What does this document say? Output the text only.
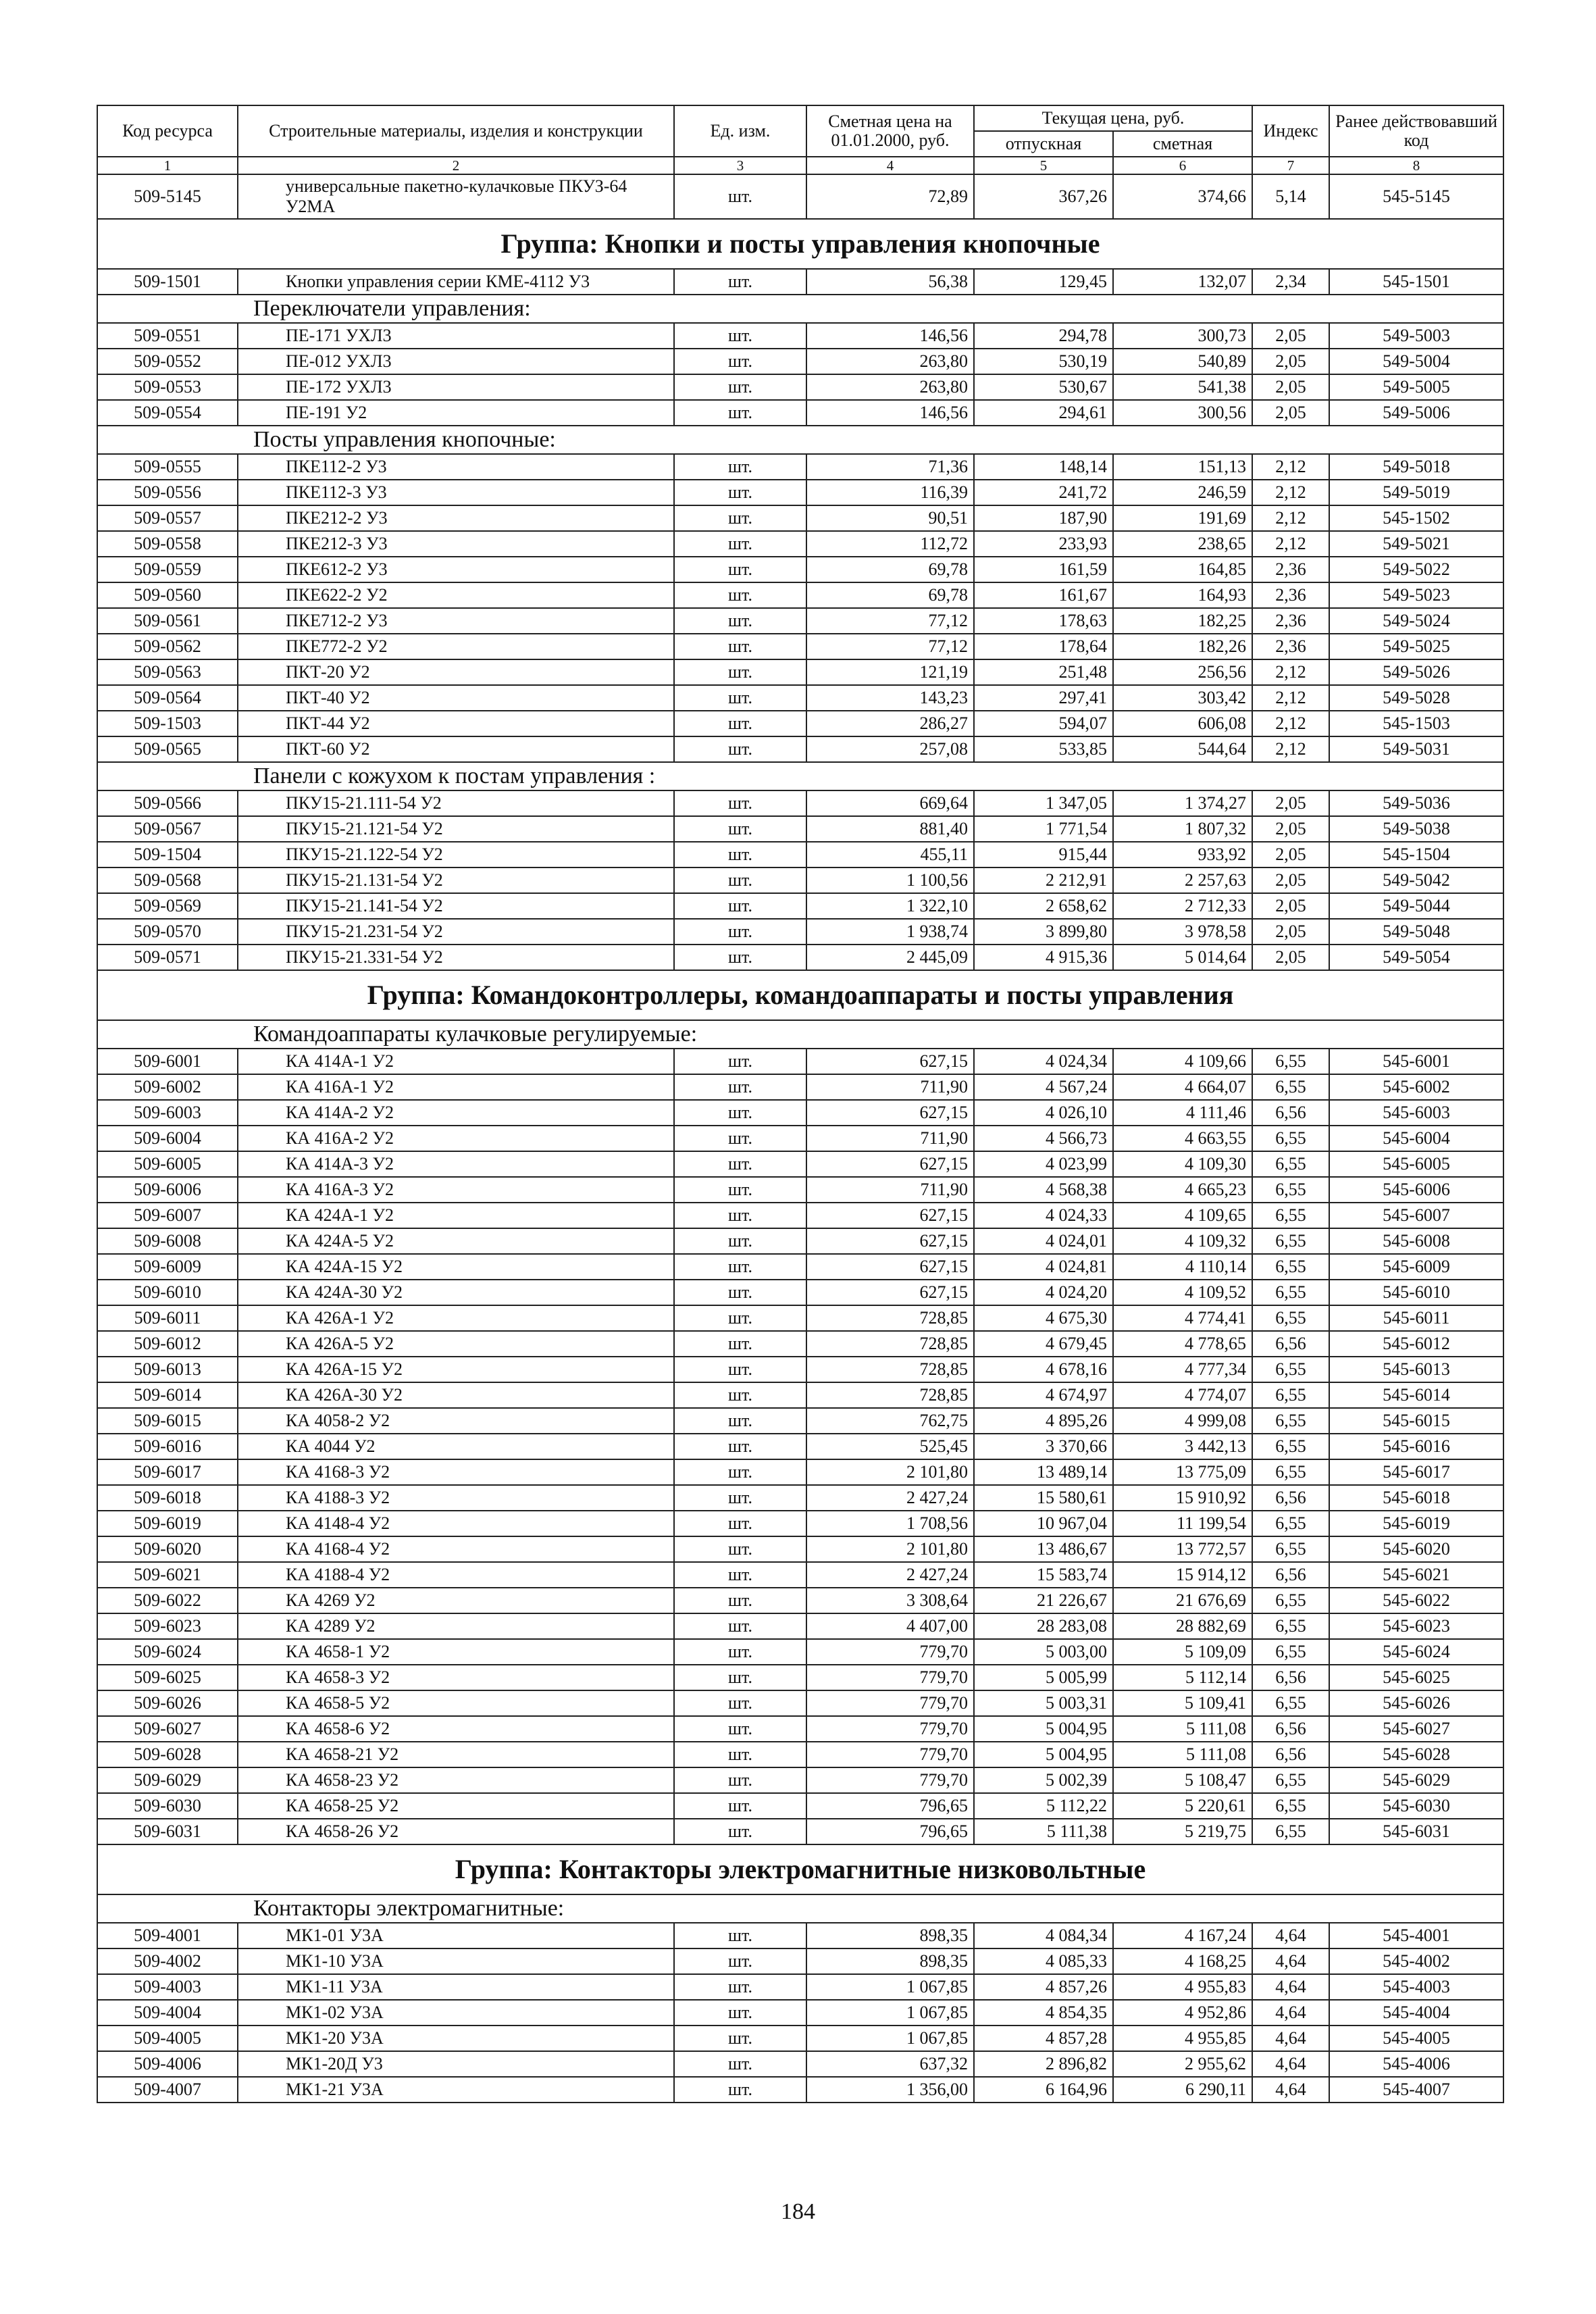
Код ресурса	Строительные материалы, изделия и конструкции	Ед. изм.	Сметная цена на 01.01.2000, руб.	Текущая цена, руб.		Индекс	Ранее действовавший код
				отпускная	сметная		
1	2	3	4	5	6	7	8
509-5145	универсальные пакетно-кулачковые ПКУЗ-64 У2МА	шт.	72,89	367,26	374,66	5,14	545-5145
Группа: Кнопки и посты управления кнопочные							
509-1501	Кнопки управления серии КМЕ-4112 У3	шт.	56,38	129,45	132,07	2,34	545-1501
Переключатели управления:							
509-0551	ПЕ-171 УХЛ3	шт.	146,56	294,78	300,73	2,05	549-5003
509-0552	ПЕ-012 УХЛ3	шт.	263,80	530,19	540,89	2,05	549-5004
509-0553	ПЕ-172 УХЛ3	шт.	263,80	530,67	541,38	2,05	549-5005
509-0554	ПЕ-191 У2	шт.	146,56	294,61	300,56	2,05	549-5006
Посты управления кнопочные:							
509-0555	ПКЕ112-2 У3	шт.	71,36	148,14	151,13	2,12	549-5018
509-0556	ПКЕ112-3 У3	шт.	116,39	241,72	246,59	2,12	549-5019
509-0557	ПКЕ212-2 У3	шт.	90,51	187,90	191,69	2,12	545-1502
509-0558	ПКЕ212-3 У3	шт.	112,72	233,93	238,65	2,12	549-5021
509-0559	ПКЕ612-2 У3	шт.	69,78	161,59	164,85	2,36	549-5022
509-0560	ПКЕ622-2 У2	шт.	69,78	161,67	164,93	2,36	549-5023
509-0561	ПКЕ712-2 У3	шт.	77,12	178,63	182,25	2,36	549-5024
509-0562	ПКЕ772-2 У2	шт.	77,12	178,64	182,26	2,36	549-5025
509-0563	ПКТ-20 У2	шт.	121,19	251,48	256,56	2,12	549-5026
509-0564	ПКТ-40 У2	шт.	143,23	297,41	303,42	2,12	549-5028
509-1503	ПКТ-44 У2	шт.	286,27	594,07	606,08	2,12	545-1503
509-0565	ПКТ-60 У2	шт.	257,08	533,85	544,64	2,12	549-5031
Панели с кожухом к постам управления :							
509-0566	ПКУ15-21.111-54 У2	шт.	669,64	1 347,05	1 374,27	2,05	549-5036
509-0567	ПКУ15-21.121-54 У2	шт.	881,40	1 771,54	1 807,32	2,05	549-5038
509-1504	ПКУ15-21.122-54 У2	шт.	455,11	915,44	933,92	2,05	545-1504
509-0568	ПКУ15-21.131-54 У2	шт.	1 100,56	2 212,91	2 257,63	2,05	549-5042
509-0569	ПКУ15-21.141-54 У2	шт.	1 322,10	2 658,62	2 712,33	2,05	549-5044
509-0570	ПКУ15-21.231-54 У2	шт.	1 938,74	3 899,80	3 978,58	2,05	549-5048
509-0571	ПКУ15-21.331-54 У2	шт.	2 445,09	4 915,36	5 014,64	2,05	549-5054
Группа: Командоконтроллеры, командоаппараты и посты управления							
Командоаппараты кулачковые регулируемые:							
509-6001	КА 414А-1 У2	шт.	627,15	4 024,34	4 109,66	6,55	545-6001
509-6002	КА 416А-1 У2	шт.	711,90	4 567,24	4 664,07	6,55	545-6002
509-6003	КА 414А-2 У2	шт.	627,15	4 026,10	4 111,46	6,56	545-6003
509-6004	КА 416А-2 У2	шт.	711,90	4 566,73	4 663,55	6,55	545-6004
509-6005	КА 414А-3 У2	шт.	627,15	4 023,99	4 109,30	6,55	545-6005
509-6006	КА 416А-3 У2	шт.	711,90	4 568,38	4 665,23	6,55	545-6006
509-6007	КА 424А-1 У2	шт.	627,15	4 024,33	4 109,65	6,55	545-6007
509-6008	КА 424А-5 У2	шт.	627,15	4 024,01	4 109,32	6,55	545-6008
509-6009	КА 424А-15 У2	шт.	627,15	4 024,81	4 110,14	6,55	545-6009
509-6010	КА 424А-30 У2	шт.	627,15	4 024,20	4 109,52	6,55	545-6010
509-6011	КА 426А-1 У2	шт.	728,85	4 675,30	4 774,41	6,55	545-6011
509-6012	КА 426А-5 У2	шт.	728,85	4 679,45	4 778,65	6,56	545-6012
509-6013	КА 426А-15 У2	шт.	728,85	4 678,16	4 777,34	6,55	545-6013
509-6014	КА 426А-30 У2	шт.	728,85	4 674,97	4 774,07	6,55	545-6014
509-6015	КА 4058-2 У2	шт.	762,75	4 895,26	4 999,08	6,55	545-6015
509-6016	КА 4044 У2	шт.	525,45	3 370,66	3 442,13	6,55	545-6016
509-6017	КА 4168-3 У2	шт.	2 101,80	13 489,14	13 775,09	6,55	545-6017
509-6018	КА 4188-3 У2	шт.	2 427,24	15 580,61	15 910,92	6,56	545-6018
509-6019	КА 4148-4 У2	шт.	1 708,56	10 967,04	11 199,54	6,55	545-6019
509-6020	КА 4168-4 У2	шт.	2 101,80	13 486,67	13 772,57	6,55	545-6020
509-6021	КА 4188-4 У2	шт.	2 427,24	15 583,74	15 914,12	6,56	545-6021
509-6022	КА 4269 У2	шт.	3 308,64	21 226,67	21 676,69	6,55	545-6022
509-6023	КА 4289 У2	шт.	4 407,00	28 283,08	28 882,69	6,55	545-6023
509-6024	КА 4658-1 У2	шт.	779,70	5 003,00	5 109,09	6,55	545-6024
509-6025	КА 4658-3 У2	шт.	779,70	5 005,99	5 112,14	6,56	545-6025
509-6026	КА 4658-5 У2	шт.	779,70	5 003,31	5 109,41	6,55	545-6026
509-6027	КА 4658-6 У2	шт.	779,70	5 004,95	5 111,08	6,56	545-6027
509-6028	КА 4658-21 У2	шт.	779,70	5 004,95	5 111,08	6,56	545-6028
509-6029	КА 4658-23 У2	шт.	779,70	5 002,39	5 108,47	6,55	545-6029
509-6030	КА 4658-25 У2	шт.	796,65	5 112,22	5 220,61	6,55	545-6030
509-6031	КА 4658-26 У2	шт.	796,65	5 111,38	5 219,75	6,55	545-6031
Группа: Контакторы электромагнитные низковольтные							
Контакторы электромагнитные:							
509-4001	МК1-01 У3А	шт.	898,35	4 084,34	4 167,24	4,64	545-4001
509-4002	МК1-10 У3А	шт.	898,35	4 085,33	4 168,25	4,64	545-4002
509-4003	МК1-11 У3А	шт.	1 067,85	4 857,26	4 955,83	4,64	545-4003
509-4004	МК1-02 У3А	шт.	1 067,85	4 854,35	4 952,86	4,64	545-4004
509-4005	МК1-20 У3А	шт.	1 067,85	4 857,28	4 955,85	4,64	545-4005
509-4006	МК1-20Д У3	шт.	637,32	2 896,82	2 955,62	4,64	545-4006
509-4007	МК1-21 У3А	шт.	1 356,00	6 164,96	6 290,11	4,64	545-4007
184
